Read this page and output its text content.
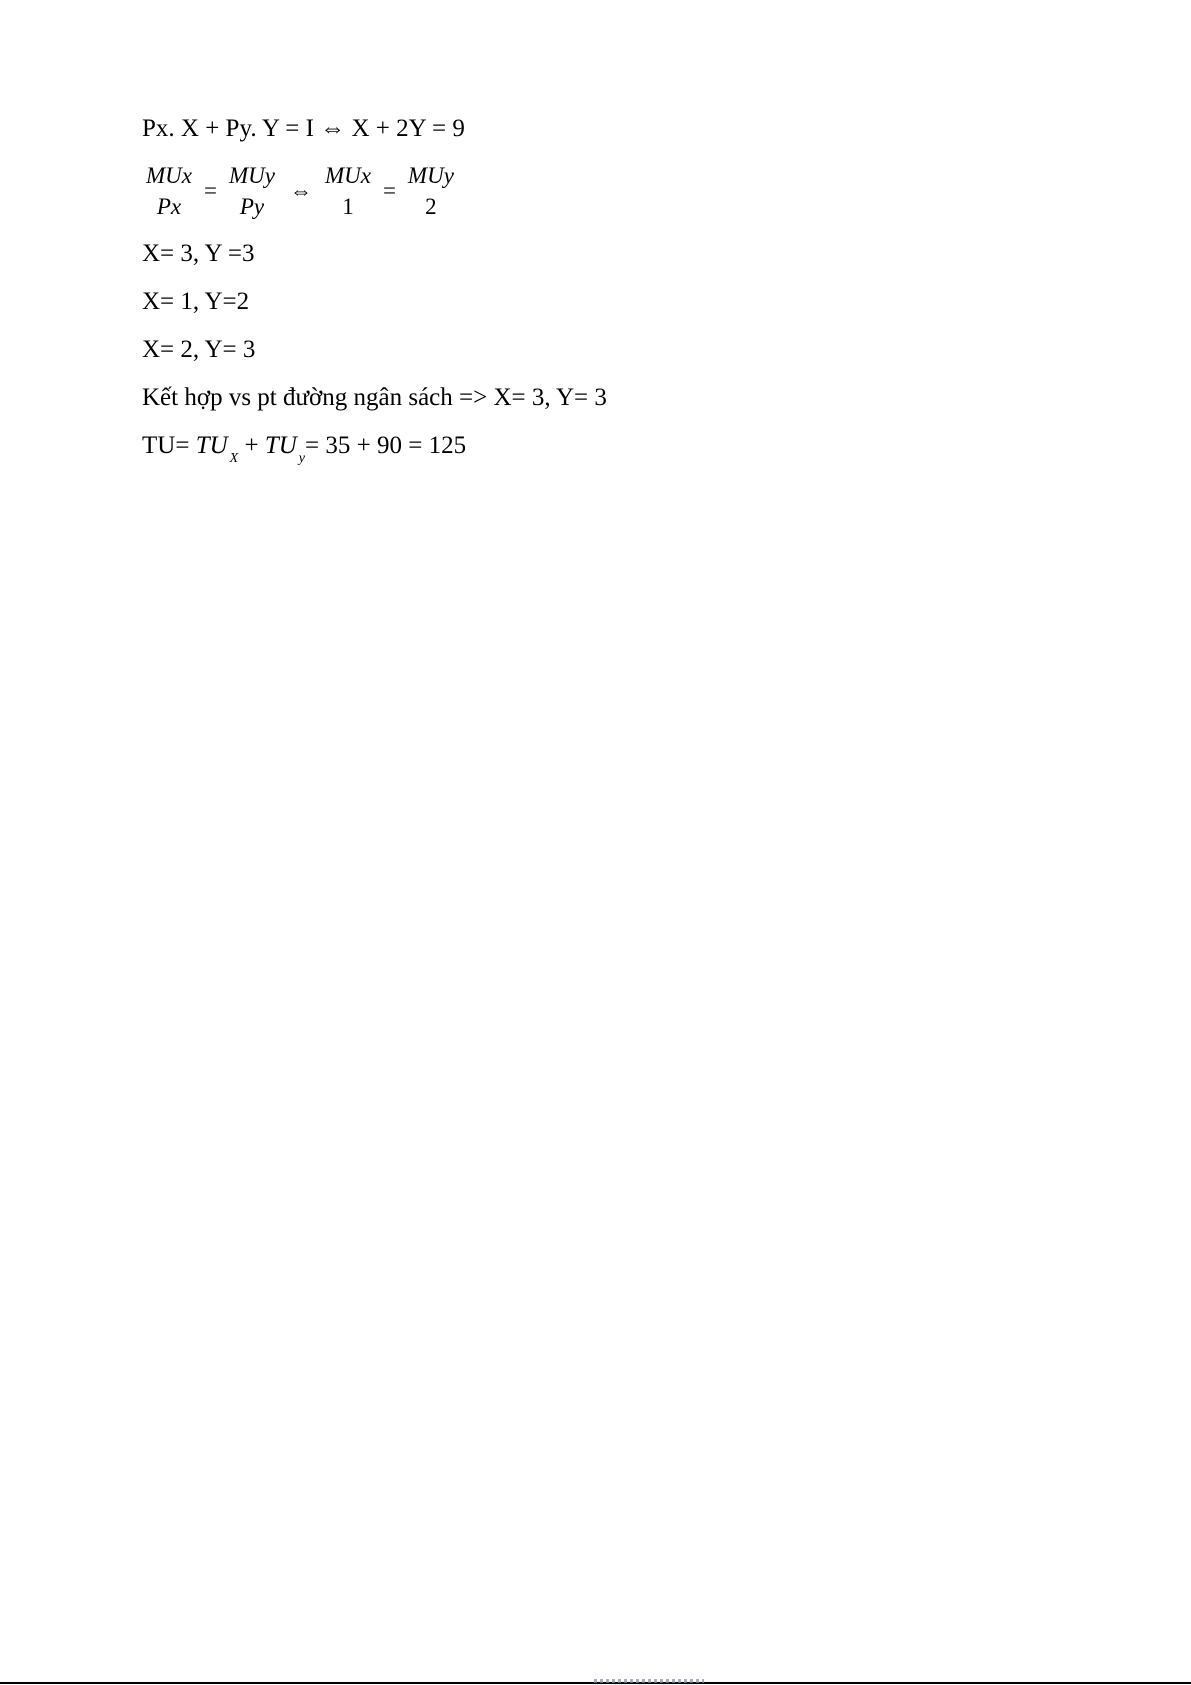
Px. X + Py. Y = I ⇔ X + 2Y = 9
MUx
Px
=
MUy
Py
⇔
MUx
1
=
MUy
2
X= 3, Y =3
X= 1, Y=2
X= 2, Y= 3
Kết hợp vs pt đường ngân sách => X= 3, Y= 3
TU= TU $_X$ + TU $_y$= 35 + 90 = 125
